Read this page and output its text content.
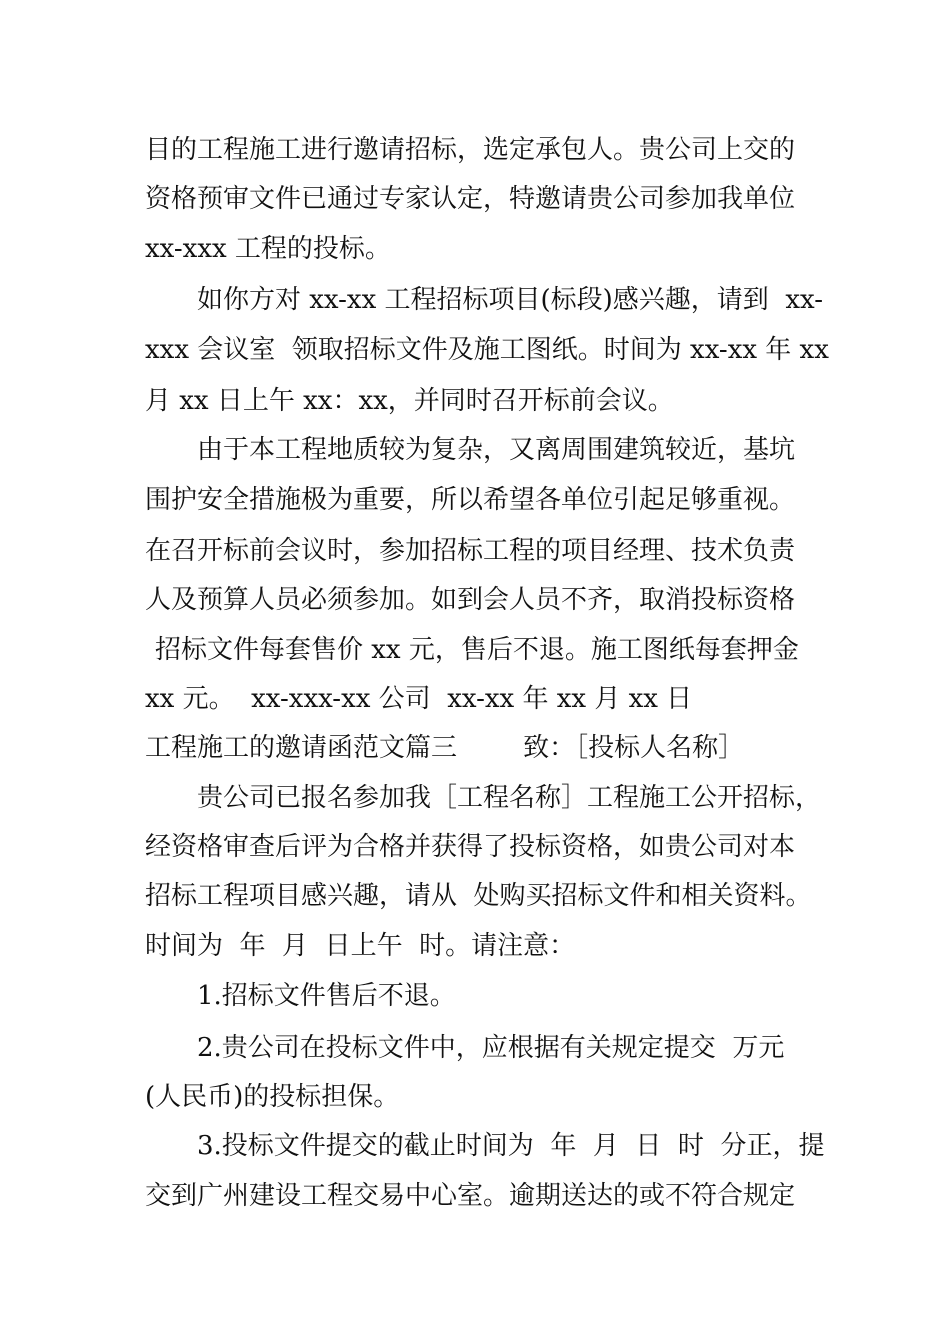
目的工程施工进行邀请招标，选定承包人。贵公司上交的
资格预审文件已通过专家认定，特邀请贵公司参加我单位
xx-xxx 工程的投标。
如你方对 xx-xx 工程招标项目(标段)感兴趣，请到  xx-
xxx 会议室  领取招标文件及施工图纸。时间为 xx-xx 年 xx
月 xx 日上午 xx：xx，并同时召开标前会议。
由于本工程地质较为复杂，又离周围建筑较近，基坑
围护安全措施极为重要，所以希望各单位引起足够重视。
在召开标前会议时，参加招标工程的项目经理、技术负责
人及预算人员必须参加。如到会人员不齐，取消投标资格
招标文件每套售价 xx 元，售后不退。施工图纸每套押金
xx 元。  xx-xxx-xx 公司  xx-xx 年 xx 月 xx 日
工程施工的邀请函范文篇三        致：［投标人名称］
贵公司已报名参加我［工程名称］工程施工公开招标，
经资格审查后评为合格并获得了投标资格，如贵公司对本
招标工程项目感兴趣，请从  处购买招标文件和相关资料。
时间为  年  月  日上午  时。请注意：
1.招标文件售后不退。
2.贵公司在投标文件中，应根据有关规定提交  万元
(人民币)的投标担保。
3.投标文件提交的截止时间为  年  月  日  时  分正，提
交到广州建设工程交易中心室。逾期送达的或不符合规定
